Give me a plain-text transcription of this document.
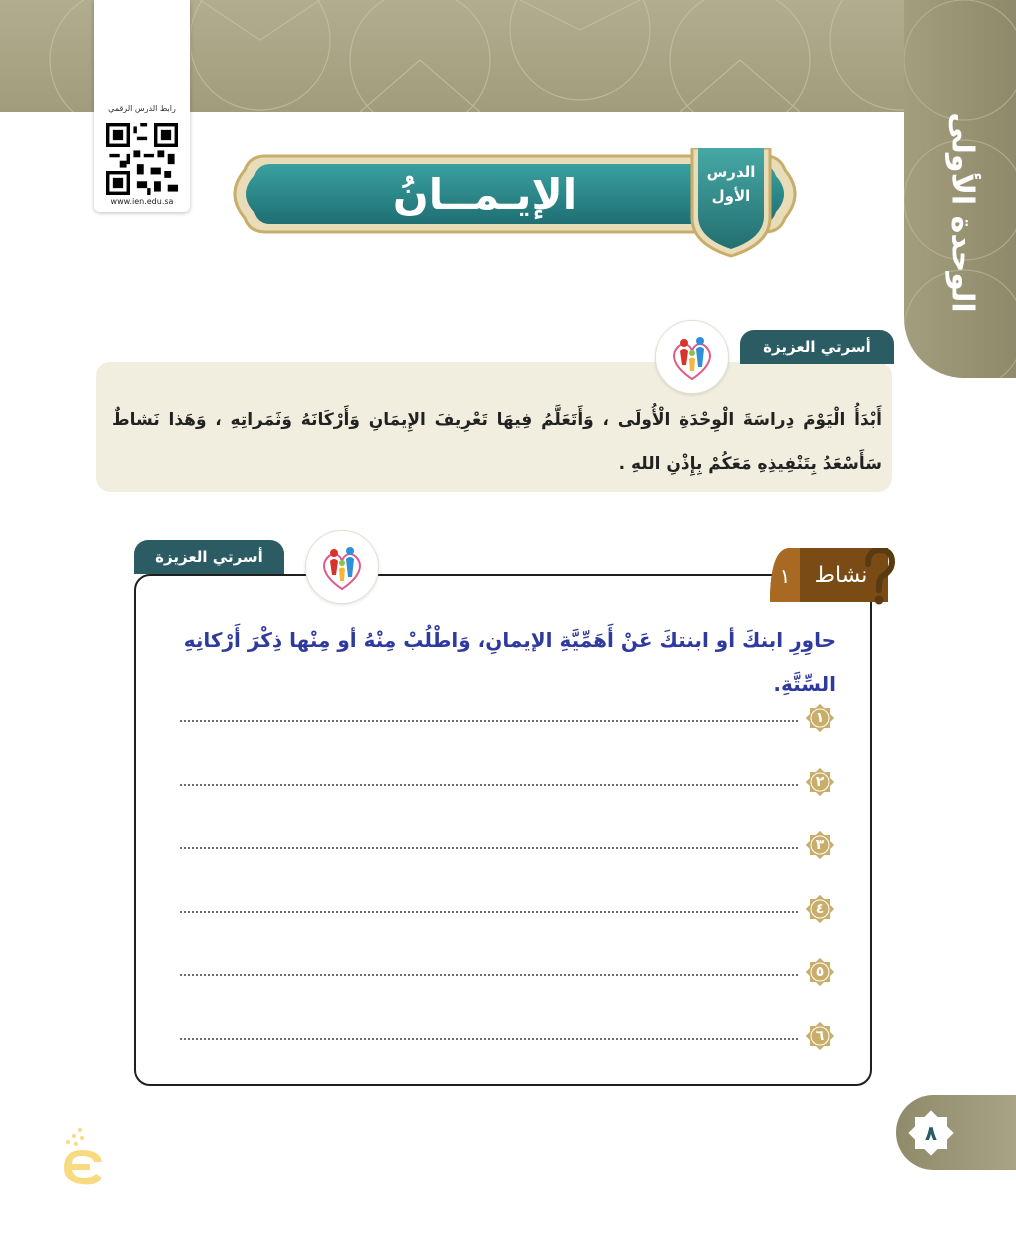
الوحدة الأولى
رابط الدرس الرقمي
www.ien.edu.sa	الإيـمــانُ	الدرس
الأول
أسرتي العزيزة
أَبْدَأُ الْيَوْمَ دِراسَةَ الْوِحْدَةِ الْأُولَى ، وَأَتَعَلَّمُ فِيهَا تَعْرِيفَ الإِيمَانِ وَأَرْكَانَهُ وَثَمَراتِهِ ، وَهَذا نَشاطٌ سَأَسْعَدُ بِتَنْفِيذِهِ مَعَكُمْ بِإِذْنِ اللهِ .
أسرتي العزيزة
نشاط
١
حاوِرِ ابنكَ أو ابنتكَ عَنْ أَهَمِّيَّةِ الإيمانِ، وَاطْلُبْ مِنْهُ أو مِنْها ذِكْرَ أَرْكانِهِ السِّتَّةِ.
١
٢
٣
٤
٥
٦
٨
